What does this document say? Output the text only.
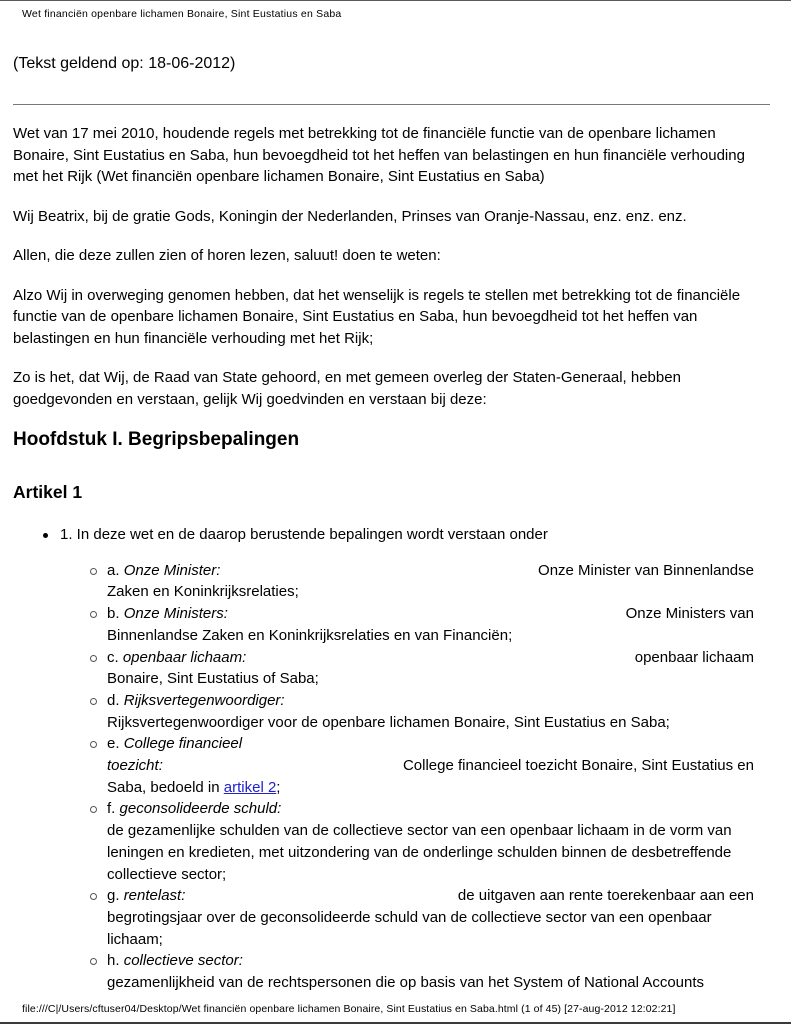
Wet financiën openbare lichamen Bonaire, Sint Eustatius en Saba
(Tekst geldend op: 18-06-2012)

Wet van 17 mei 2010, houdende regels met betrekking tot de financiële functie van de openbare lichamen Bonaire, Sint Eustatius en Saba, hun bevoegdheid tot het heffen van belastingen en hun financiële verhouding met het Rijk (Wet financiën openbare lichamen Bonaire, Sint Eustatius en Saba)

Wij Beatrix, bij de gratie Gods, Koningin der Nederlanden, Prinses van Oranje-Nassau, enz. enz. enz.

Allen, die deze zullen zien of horen lezen, saluut! doen te weten:

Alzo Wij in overweging genomen hebben, dat het wenselijk is regels te stellen met betrekking tot de financiële functie van de openbare lichamen Bonaire, Sint Eustatius en Saba, hun bevoegdheid tot het heffen van belastingen en hun financiële verhouding met het Rijk;

Zo is het, dat Wij, de Raad van State gehoord, en met gemeen overleg der Staten-Generaal, hebben goedgevonden en verstaan, gelijk Wij goedvinden en verstaan bij deze:

Hoofdstuk I. Begripsbepalingen
Artikel 1
1. In deze wet en de daarop berustende bepalingen wordt verstaan onder
a. Onze Minister:	Onze Minister van Binnenlandse
Zaken en Koninkrijksrelaties;
b. Onze Ministers:	Onze Ministers van
Binnenlandse Zaken en Koninkrijksrelaties en van Financiën;
c. openbaar lichaam:	openbaar lichaam
Bonaire, Sint Eustatius of Saba;
d. Rijksvertegenwoordiger:
Rijksvertegenwoordiger voor de openbare lichamen Bonaire, Sint Eustatius en Saba;
e. College financieel
toezicht:	College financieel toezicht Bonaire, Sint Eustatius en
Saba, bedoeld in artikel 2;
f. geconsolideerde schuld:
de gezamenlijke schulden van de collectieve sector van een openbaar lichaam in de vorm van leningen en kredieten, met uitzondering van de onderlinge schulden binnen de desbetreffende collectieve sector;
g. rentelast:	de uitgaven aan rente toerekenbaar aan een
begrotingsjaar over de geconsolideerde schuld van de collectieve sector van een openbaar lichaam;
h. collectieve sector:
gezamenlijkheid van de rechtspersonen die op basis van het System of National Accounts
file:///C|/Users/cftuser04/Desktop/Wet financiën openbare lichamen Bonaire, Sint Eustatius en Saba.html (1 of 45) [27-aug-2012 12:02:21]
